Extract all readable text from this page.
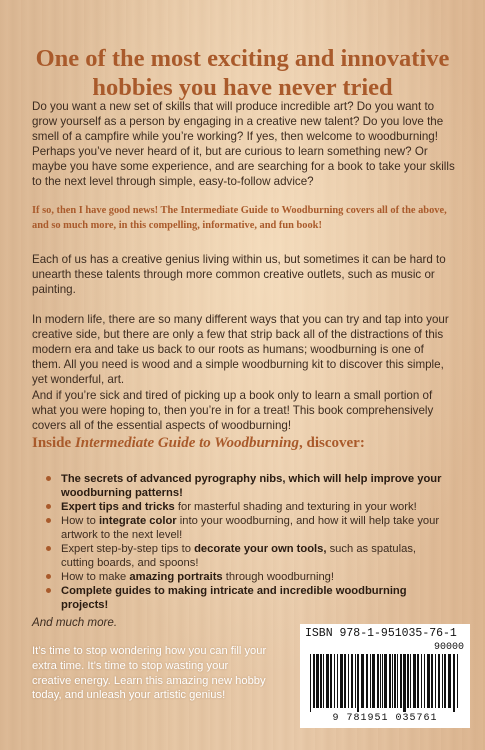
One of the most exciting and innovative hobbies you have never tried

Do you want a new set of skills that will produce incredible art? Do you want to grow yourself as a person by engaging in a creative new talent? Do you love the smell of a campfire while you’re working? If yes, then welcome to woodburning! Perhaps you’ve never heard of it, but are curious to learn something new? Or maybe you have some experience, and are searching for a book to take your skills to the next level through simple, easy-to-follow advice?

If so, then I have good news! The Intermediate Guide to Woodburning covers all of the above, and so much more, in this compelling, informative, and fun book!

Each of us has a creative genius living within us, but sometimes it can be hard to unearth these talents through more common creative outlets, such as music or painting.

In modern life, there are so many different ways that you can try and tap into your creative side, but there are only a few that strip back all of the distractions of this modern era and take us back to our roots as humans; woodburning is one of them. All you need is wood and a simple woodburning kit to discover this simple, yet wonderful, art.

And if you’re sick and tired of picking up a book only to learn a small portion of what you were hoping to, then you’re in for a treat! This book comprehensively covers all of the essential aspects of woodburning!

Inside Intermediate Guide to Woodburning, discover:

The secrets of advanced pyrography nibs, which will help improve your woodburning patterns!
Expert tips and tricks for masterful shading and texturing in your work!
How to integrate color into your woodburning, and how it will help take your artwork to the next level!
Expert step-by-step tips to decorate your own tools, such as spatulas, cutting boards, and spoons!
How to make amazing portraits through woodburning!
Complete guides to making intricate and incredible woodburning projects!

And much more.

It’s time to stop wondering how you can fill your extra time. It’s time to stop wasting your creative energy. Learn this amazing new hobby today, and unleash your artistic genius!

ISBN 978-1-951035-76-1
90000
9 781951 035761
